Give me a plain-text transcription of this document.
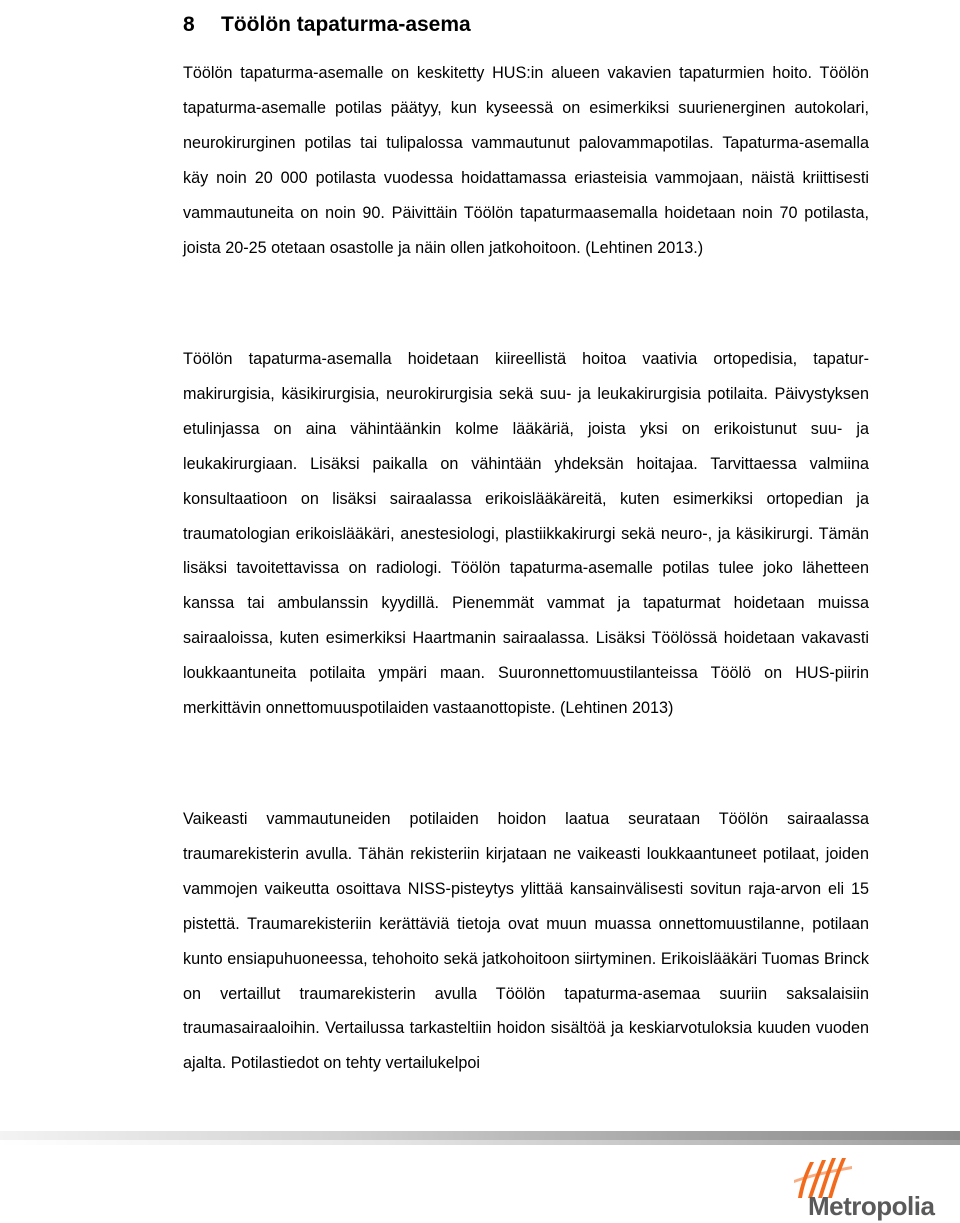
8 Töölön tapaturma-asema

Töölön tapaturma-asemalle on keskitetty HUS:in alueen vakavien tapaturmien hoito. Töölön tapaturma-asemalle potilas päätyy, kun kyseessä on esimerkiksi suurienerginen autokolari, neurokirurginen potilas tai tulipalossa vammautunut palovammapotilas. Tapaturma-asemalla käy noin 20 000 potilasta vuodessa hoidattamassa eriasteisia vammojaan, näistä kriittisesti vammautuneita on noin 90. Päivittäin Töölön tapaturmaasemalla hoidetaan noin 70 potilasta, joista 20-25 otetaan osastolle ja näin ollen jatkohoitoon. (Lehtinen 2013.)

Töölön tapaturma-asemalla hoidetaan kiireellistä hoitoa vaativia ortopedisia, tapaturmakirurgisia, käsikirurgisia, neurokirurgisia sekä suu- ja leukakirurgisia potilaita. Päivystyksen etulinjassa on aina vähintäänkin kolme lääkäriä, joista yksi on erikoistunut suu- ja leukakirurgiaan. Lisäksi paikalla on vähintään yhdeksän hoitajaa. Tarvittaessa valmiina konsultaatioon on lisäksi sairaalassa erikoislääkäreitä, kuten esimerkiksi ortopedian ja traumatologian erikoislääkäri, anestesiologi, plastiikkakirurgi sekä neuro-, ja käsikirurgi. Tämän lisäksi tavoitettavissa on radiologi. Töölön tapaturma-asemalle potilas tulee joko lähetteen kanssa tai ambulanssin kyydillä. Pienemmät vammat ja tapaturmat hoidetaan muissa sairaaloissa, kuten esimerkiksi Haartmanin sairaalassa. Lisäksi Töölössä hoidetaan vakavasti loukkaantuneita potilaita ympäri maan. Suuronnettomuustilanteissa Töölö on HUS-piirin merkittävin onnettomuuspotilaiden vastaanottopiste. (Lehtinen 2013)

Vaikeasti vammautuneiden potilaiden hoidon laatua seurataan Töölön sairaalassa traumarekisterin avulla. Tähän rekisteriin kirjataan ne vaikeasti loukkaantuneet potilaat, joiden vammojen vaikeutta osoittava NISS-pisteytys ylittää kansainvälisesti sovitun raja-arvon eli 15 pistettä. Traumarekisteriin kerättäviä tietoja ovat muun muassa onnettomuustilanne, potilaan kunto ensiapuhuoneessa, tehohoito sekä jatkohoitoon siirtyminen. Erikoislääkäri Tuomas Brinck on vertaillut traumarekisterin avulla Töölön tapaturma-asemaa suuriin saksalaisiin traumasairaaloihin. Vertailussa tarkasteltiin hoidon sisältöä ja keskiarvotuloksia kuuden vuoden ajalta. Potilastiedot on tehty vertailukelpoi

Metropolia
